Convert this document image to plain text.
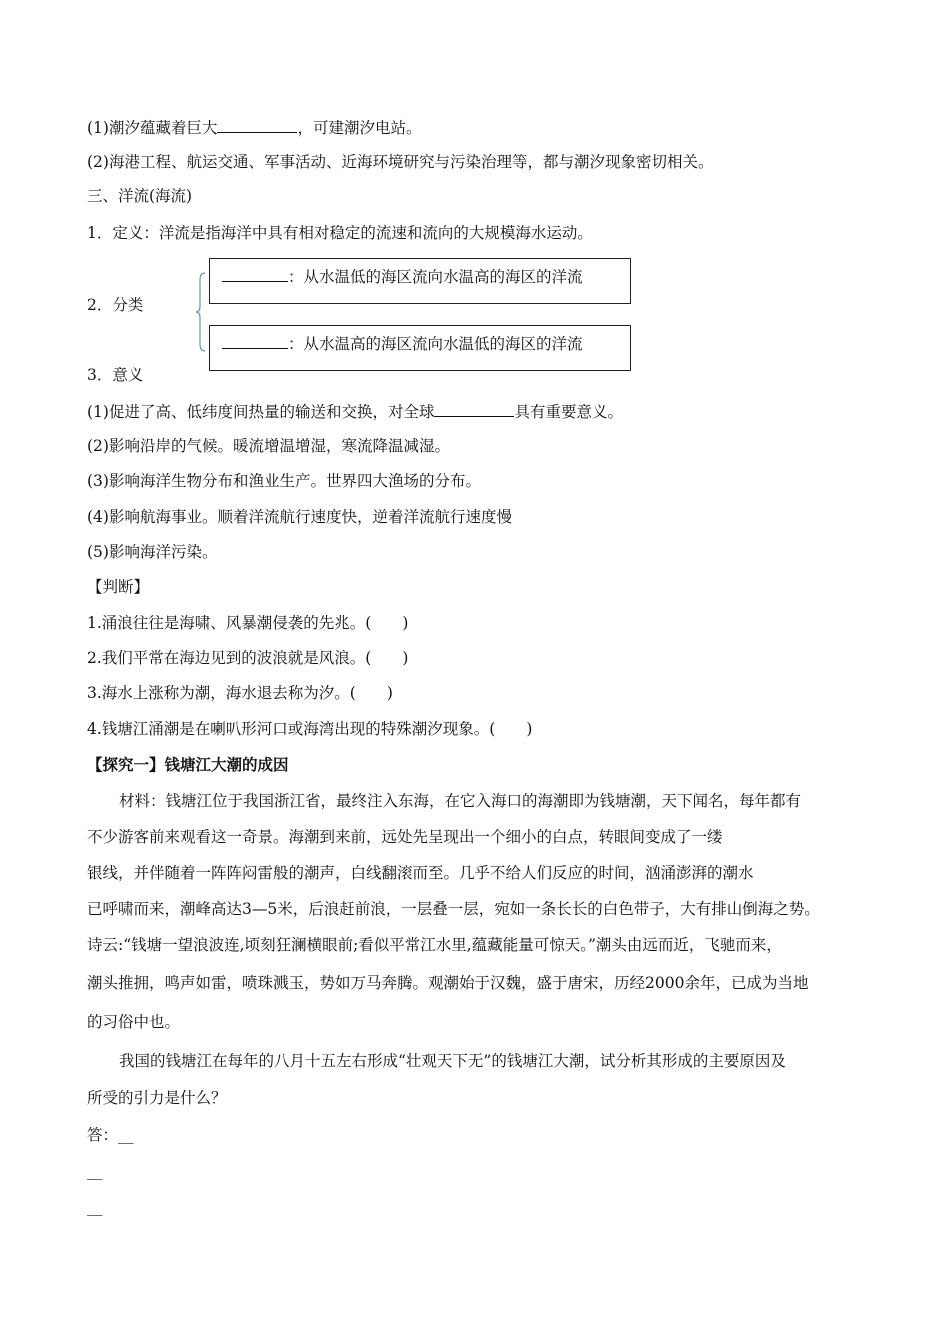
(1)潮汐蕴藏着巨大	，可建潮汐电站。
(2)海港工程、航运交通、军事活动、近海环境研究与污染治理等，都与潮汐现象密切相关。
三、洋流(海流)
1．定义：洋流是指海洋中具有相对稳定的流速和流向的大规模海水运动。
2．分类
：从水温低的海区流向水温高的海区的洋流
：从水温高的海区流向水温低的海区的洋流
3．意义
(1)促进了高、低纬度间热量的输送和交换，对全球	具有重要意义。
(2)影响沿岸的气候。暖流增温增湿，寒流降温减湿。
(3)影响海洋生物分布和渔业生产。世界四大渔场的分布。
(4)影响航海事业。顺着洋流航行速度快，逆着洋流航行速度慢
(5)影响海洋污染。
【判断】
1.涌浪往往是海啸、风暴潮侵袭的先兆。(　　)
2.我们平常在海边见到的波浪就是风浪。(　　)
3.海水上涨称为潮，海水退去称为汐。(　　)
4.钱塘江涌潮是在喇叭形河口或海湾出现的特殊潮汐现象。(　　)
【探究一】钱塘江大潮的成因
材料：钱塘江位于我国浙江省，最终注入东海，在它入海口的海潮即为钱塘潮，天下闻名，每年都有
不少游客前来观看这一奇景。海潮到来前，远处先呈现出一个细小的白点，转眼间变成了一缕
银线，并伴随着一阵阵闷雷般的潮声，白线翻滚而至。几乎不给人们反应的时间，汹涌澎湃的潮水
已呼啸而来，潮峰高达3—5米，后浪赶前浪，一层叠一层，宛如一条长长的白色带子，大有排山倒海之势。
诗云:“钱塘一望浪波连,顷刻狂澜横眼前;看似平常江水里,蕴藏能量可惊天。”潮头由远而近，飞驰而来，
潮头推拥，鸣声如雷，喷珠溅玉，势如万马奔腾。观潮始于汉魏，盛于唐宋，历经2000余年，已成为当地
的习俗中也。
我国的钱塘江在每年的八月十五左右形成“壮观天下无”的钱塘江大潮，试分析其形成的主要原因及
所受的引力是什么？
答：__
__
__
